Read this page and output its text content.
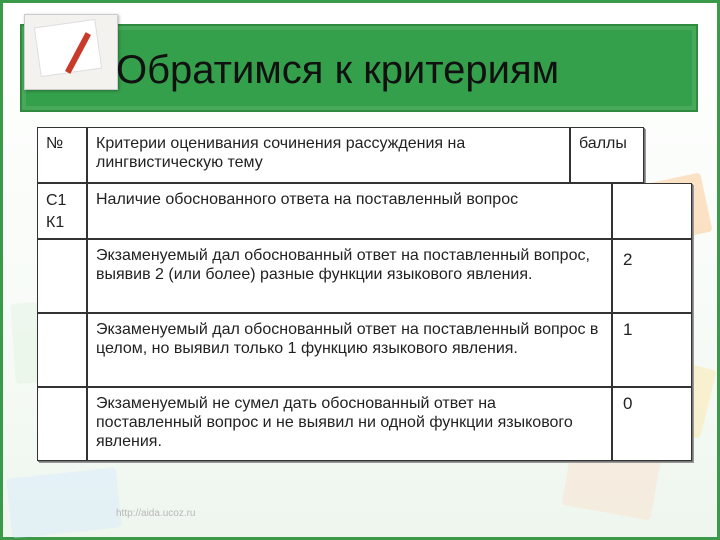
Обратимся к критериям
№	Критерии оценивания сочинения рассуждения на лингвистическую тему
баллы
С1 К1
Наличие обоснованного ответа на поставленный вопрос
Экзаменуемый дал обоснованный ответ на поставленный вопрос, выявив 2 (или более) разные функции языкового явления.
2
Экзаменуемый дал обоснованный ответ на поставленный вопрос в целом, но выявил только 1 функцию языкового явления.
1
Экзаменуемый не сумел дать обоснованный ответ на поставленный вопрос и не выявил ни одной функции языкового явления.
0
http://aida.ucoz.ru
